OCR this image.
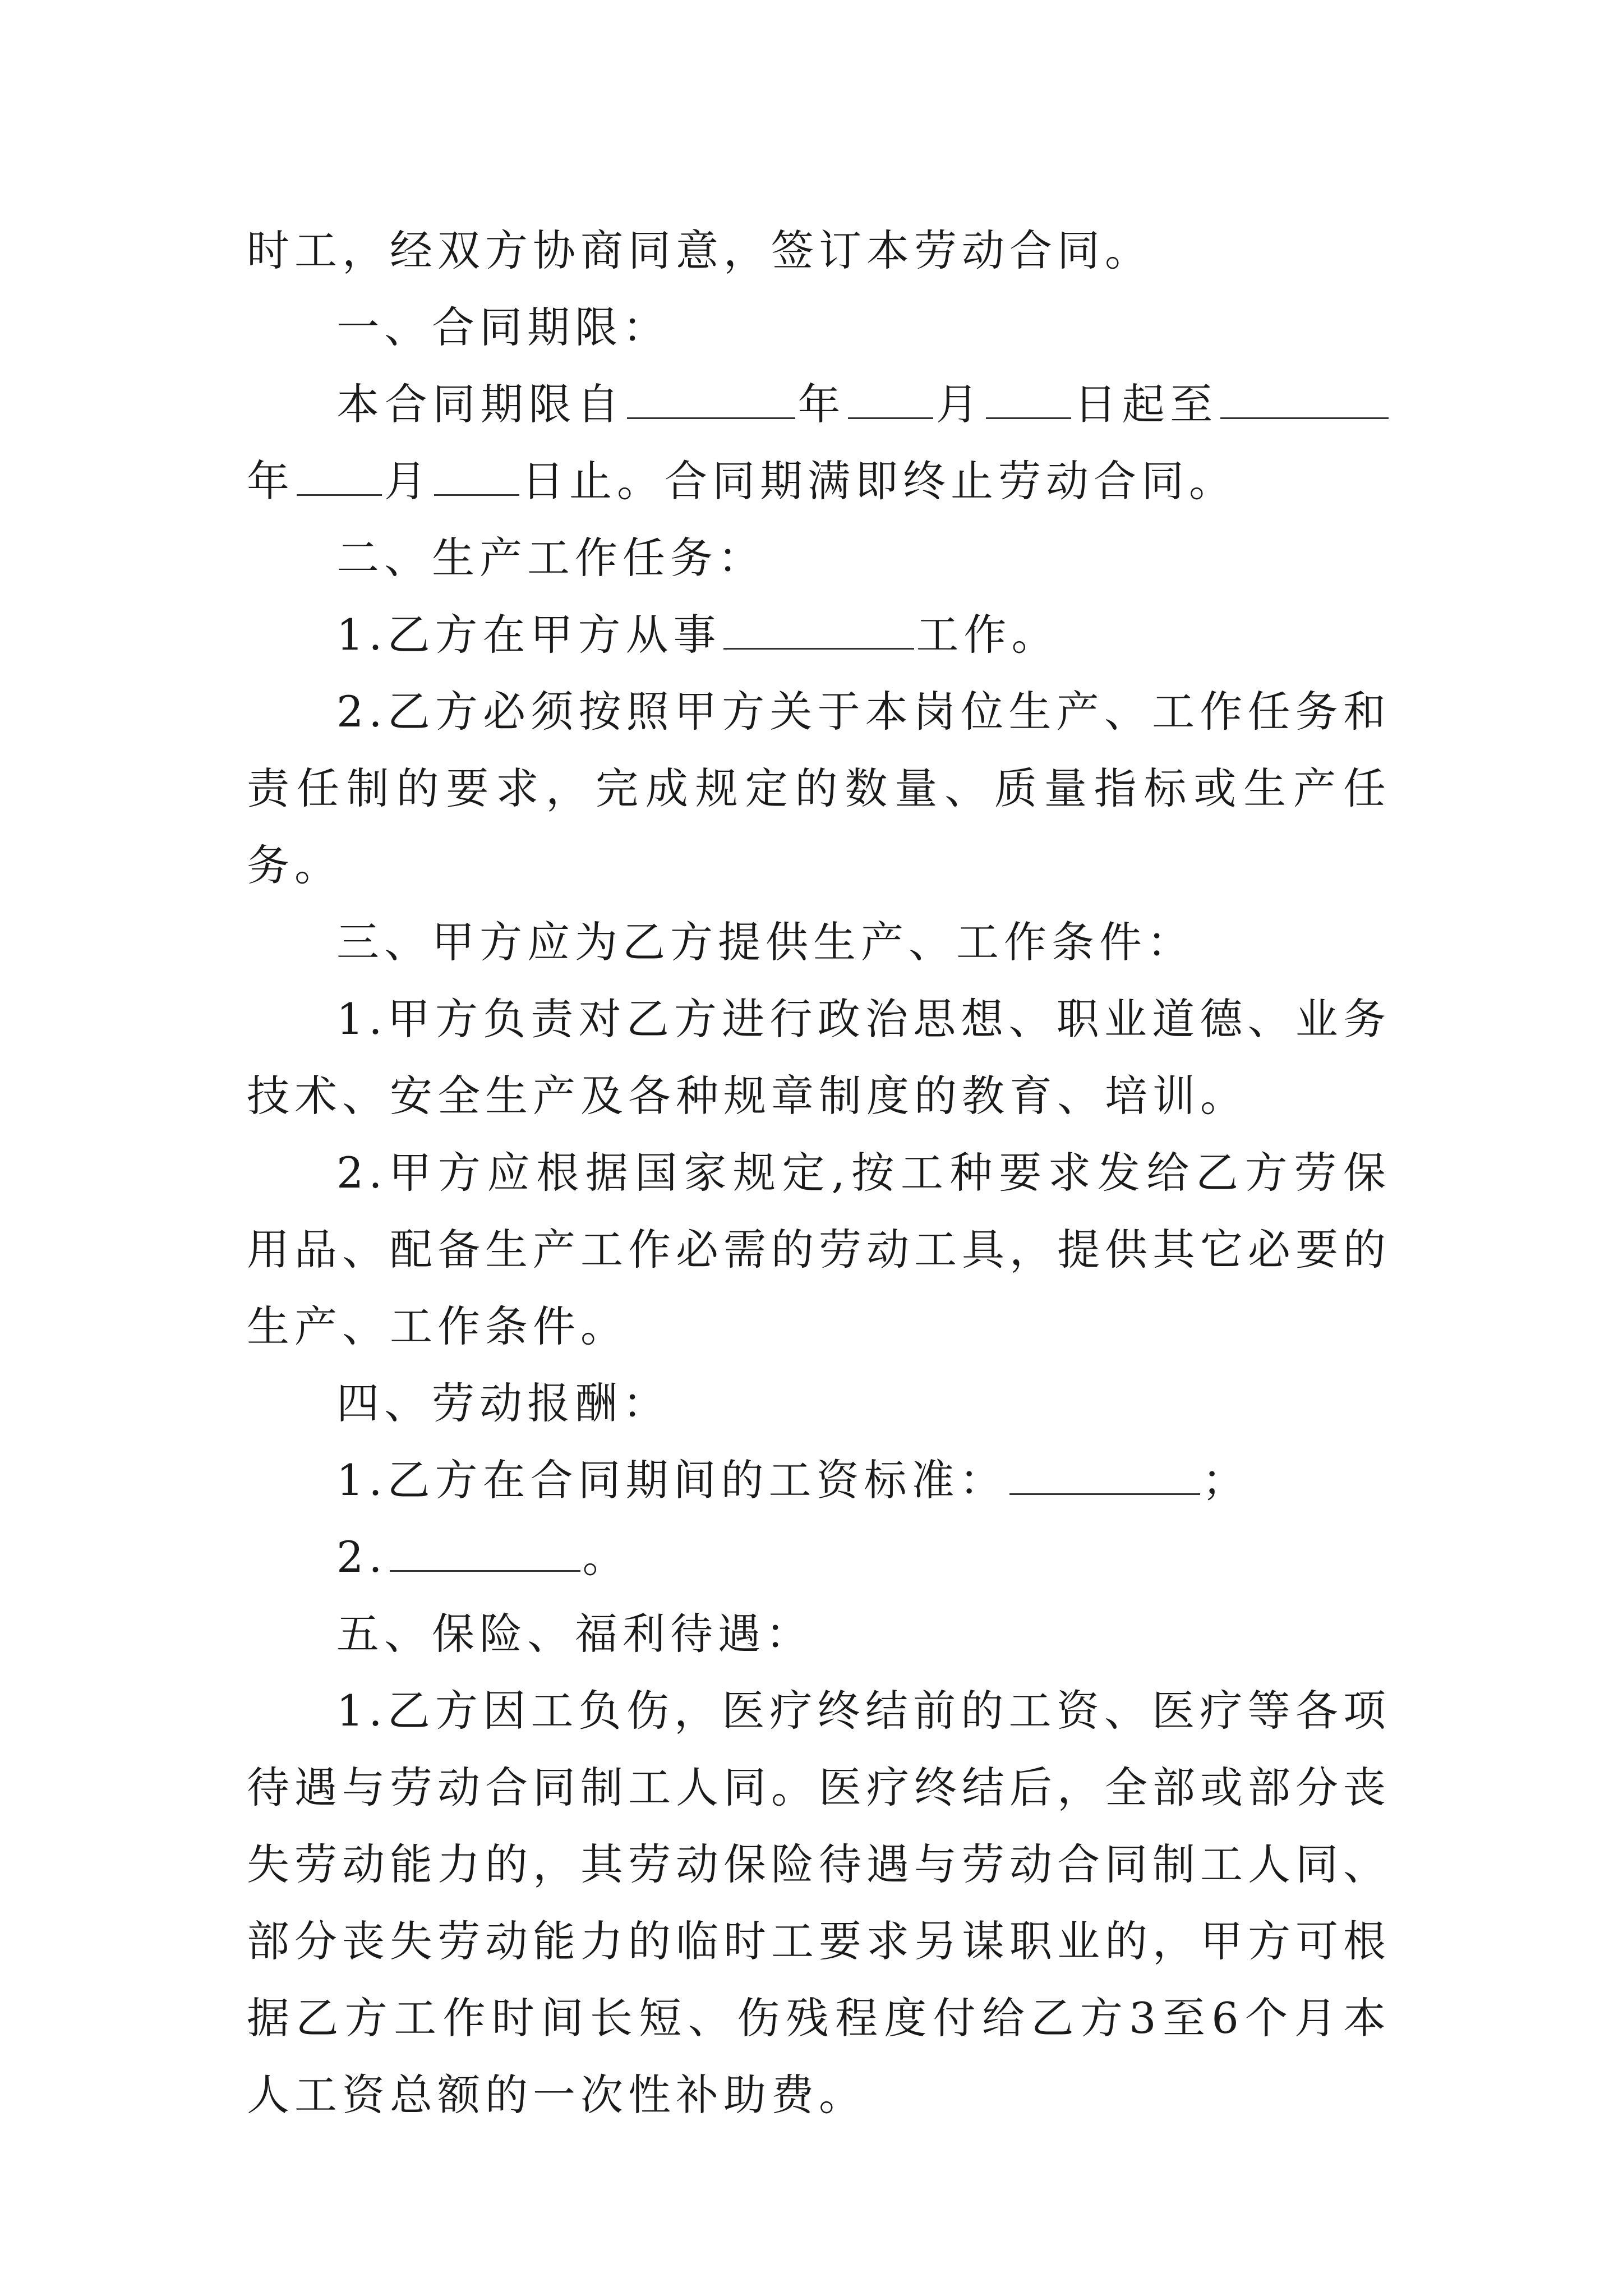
时工，经双方协商同意，签订本劳动合同。

一、合同期限：

本合同期限自	年 月 日起至年 月 日止。合同期满即终止劳动合同。

二、生产工作任务：

1.乙方在甲方从事	工作。

2.乙方必须按照甲方关于本岗位生产、工作任务和责任制的要求，完成规定的数量、质量指标或生产任务。

三、甲方应为乙方提供生产、工作条件：

1.甲方负责对乙方进行政治思想、职业道德、业务技术、安全生产及各种规章制度的教育、培训。

2.甲方应根据国家规定,按工种要求发给乙方劳保用品、配备生产工作必需的劳动工具，提供其它必要的生产、工作条件。

四、劳动报酬：

1.乙方在合同期间的工资标准：	；

2.	。

五、保险、福利待遇：

1.乙方因工负伤，医疗终结前的工资、医疗等各项待遇与劳动合同制工人同。医疗终结后，全部或部分丧失劳动能力的，其劳动保险待遇与劳动合同制工人同、部分丧失劳动能力的临时工要求另谋职业的，甲方可根据乙方工作时间长短、伤残程度付给乙方3至6个月本人工资总额的一次性补助费。
